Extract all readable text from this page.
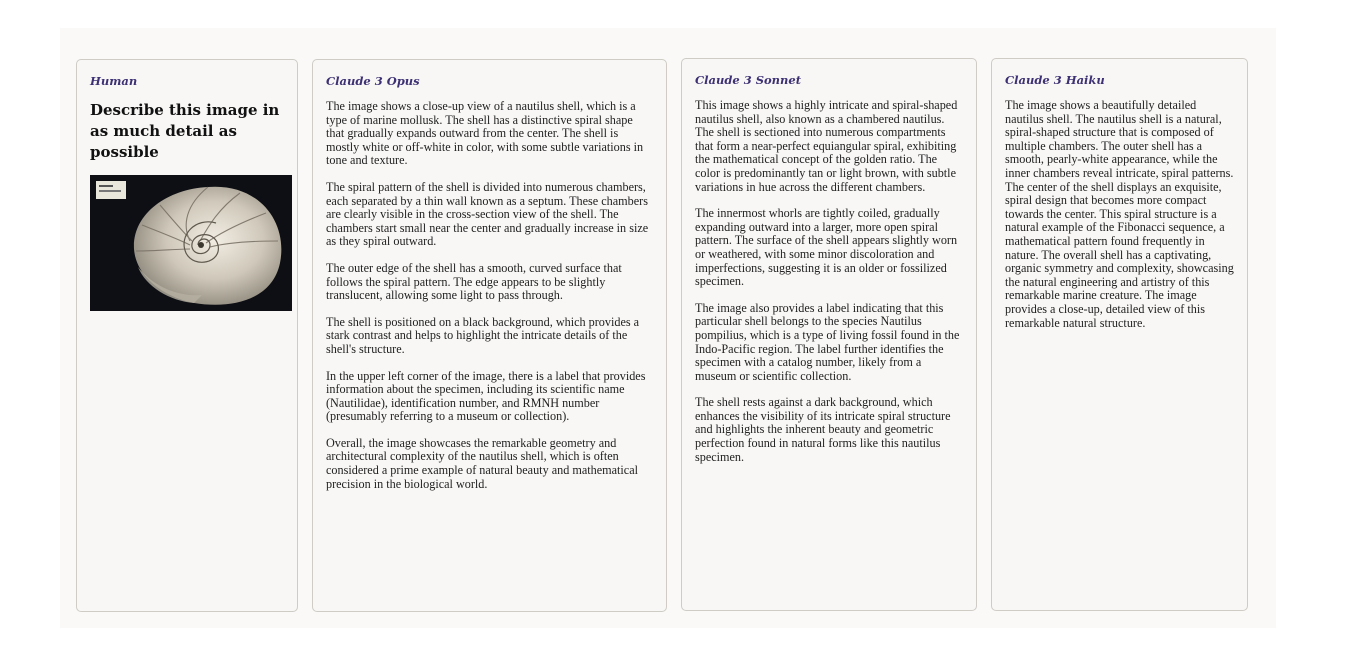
Human
Describe this image in as much detail as possible
Claude 3 Opus

The image shows a close-up view of a nautilus shell, which is a type of marine mollusk. The shell has a distinctive spiral shape that gradually expands outward from the center. The shell is mostly white or off-white in color, with some subtle variations in tone and texture.

The spiral pattern of the shell is divided into numerous chambers, each separated by a thin wall known as a septum. These chambers are clearly visible in the cross-section view of the shell. The chambers start small near the center and gradually increase in size as they spiral outward.

The outer edge of the shell has a smooth, curved surface that follows the spiral pattern. The edge appears to be slightly translucent, allowing some light to pass through.

The shell is positioned on a black background, which provides a stark contrast and helps to highlight the intricate details of the shell's structure.

In the upper left corner of the image, there is a label that provides information about the specimen, including its scientific name (Nautilidae), identification number, and RMNH number (presumably referring to a museum or collection).

Overall, the image showcases the remarkable geometry and architectural complexity of the nautilus shell, which is often considered a prime example of natural beauty and mathematical precision in the biological world.

Claude 3 Sonnet

This image shows a highly intricate and spiral-shaped nautilus shell, also known as a chambered nautilus. The shell is sectioned into numerous compartments that form a near-perfect equiangular spiral, exhibiting the mathematical concept of the golden ratio. The color is predominantly tan or light brown, with subtle variations in hue across the different chambers.

The innermost whorls are tightly coiled, gradually expanding outward into a larger, more open spiral pattern. The surface of the shell appears slightly worn or weathered, with some minor discoloration and imperfections, suggesting it is an older or fossilized specimen.

The image also provides a label indicating that this particular shell belongs to the species Nautilus pompilius, which is a type of living fossil found in the Indo-Pacific region. The label further identifies the specimen with a catalog number, likely from a museum or scientific collection.

The shell rests against a dark background, which enhances the visibility of its intricate spiral structure and highlights the inherent beauty and geometric perfection found in natural forms like this nautilus specimen.

Claude 3 Haiku

The image shows a beautifully detailed nautilus shell. The nautilus shell is a natural, spiral-shaped structure that is composed of multiple chambers. The outer shell has a smooth, pearly-white appearance, while the inner chambers reveal intricate, spiral patterns. The center of the shell displays an exquisite, spiral design that becomes more compact towards the center. This spiral structure is a natural example of the Fibonacci sequence, a mathematical pattern found frequently in nature. The overall shell has a captivating, organic symmetry and complexity, showcasing the natural engineering and artistry of this remarkable marine creature. The image provides a close-up, detailed view of this remarkable natural structure.
